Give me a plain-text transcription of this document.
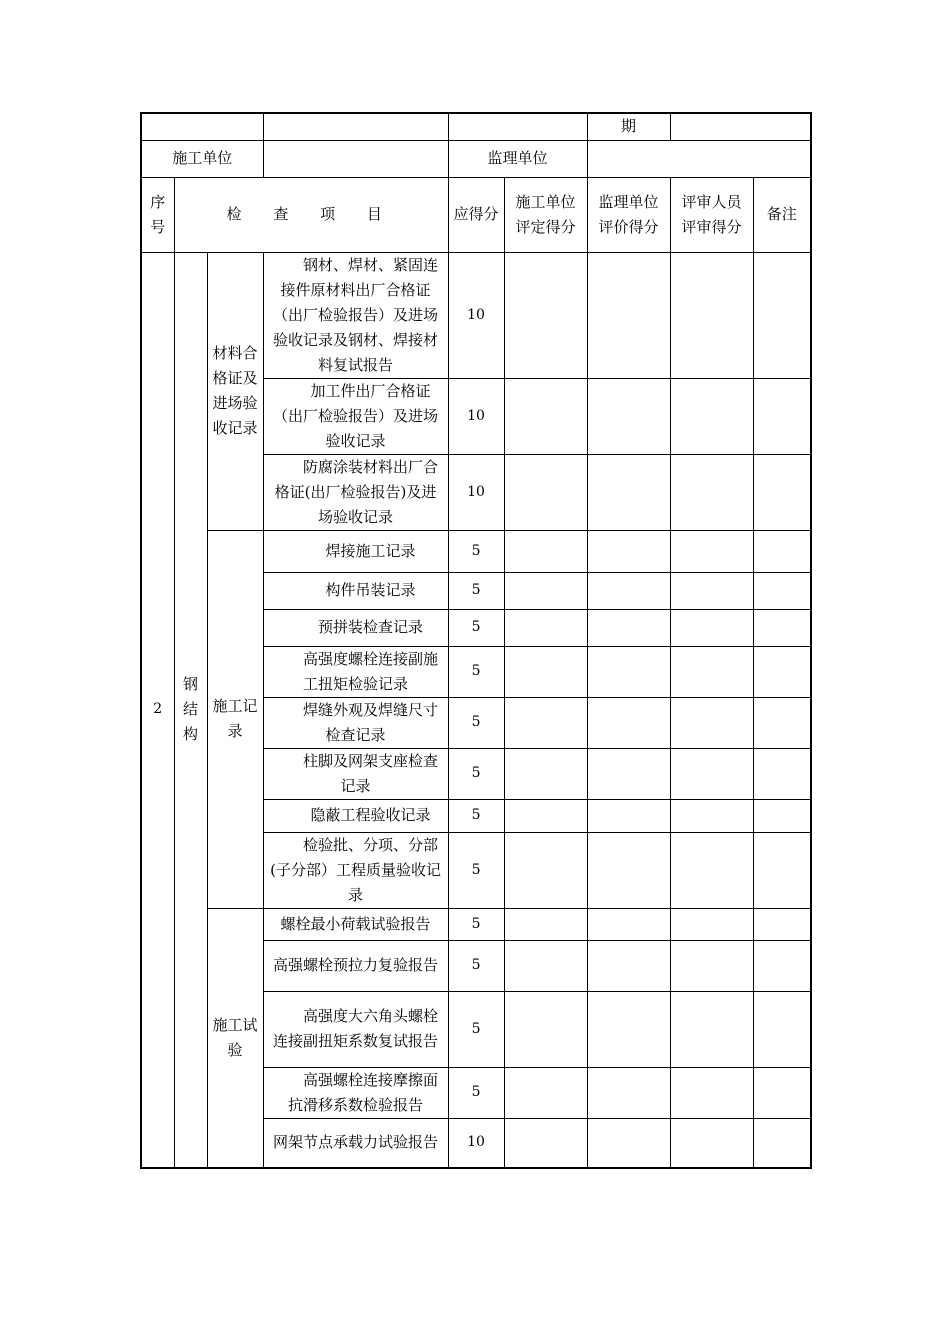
						期		
施工单位				监理单位				
序号	检 查 项 目			应得分	施工单位评定得分	监理单位评价得分	评审人员评审得分	备注
2	钢结构	材料合格证及进场验收记录	钢材、焊材、紧固连接件原材料出厂合格证（出厂检验报告）及进场验收记录及钢材、焊接材料复试报告	10				
			加工件出厂合格证（出厂检验报告）及进场验收记录	10				
			防腐涂装材料出厂合格证(出厂检验报告)及进场验收记录	10				
		施工记录	焊接施工记录	5				
			构件吊装记录	5				
			预拼装检查记录	5				
			高强度螺栓连接副施工扭矩检验记录	5				
			焊缝外观及焊缝尺寸检查记录	5				
			柱脚及网架支座检查记录	5				
			隐蔽工程验收记录	5				
			检验批、分项、分部(子分部）工程质量验收记录	5				
		施工试验	螺栓最小荷载试验报告	5				
			高强螺栓预拉力复验报告	5				
			高强度大六角头螺栓连接副扭矩系数复试报告	5				
			高强螺栓连接摩擦面抗滑移系数检验报告	5				
			网架节点承载力试验报告	10				
